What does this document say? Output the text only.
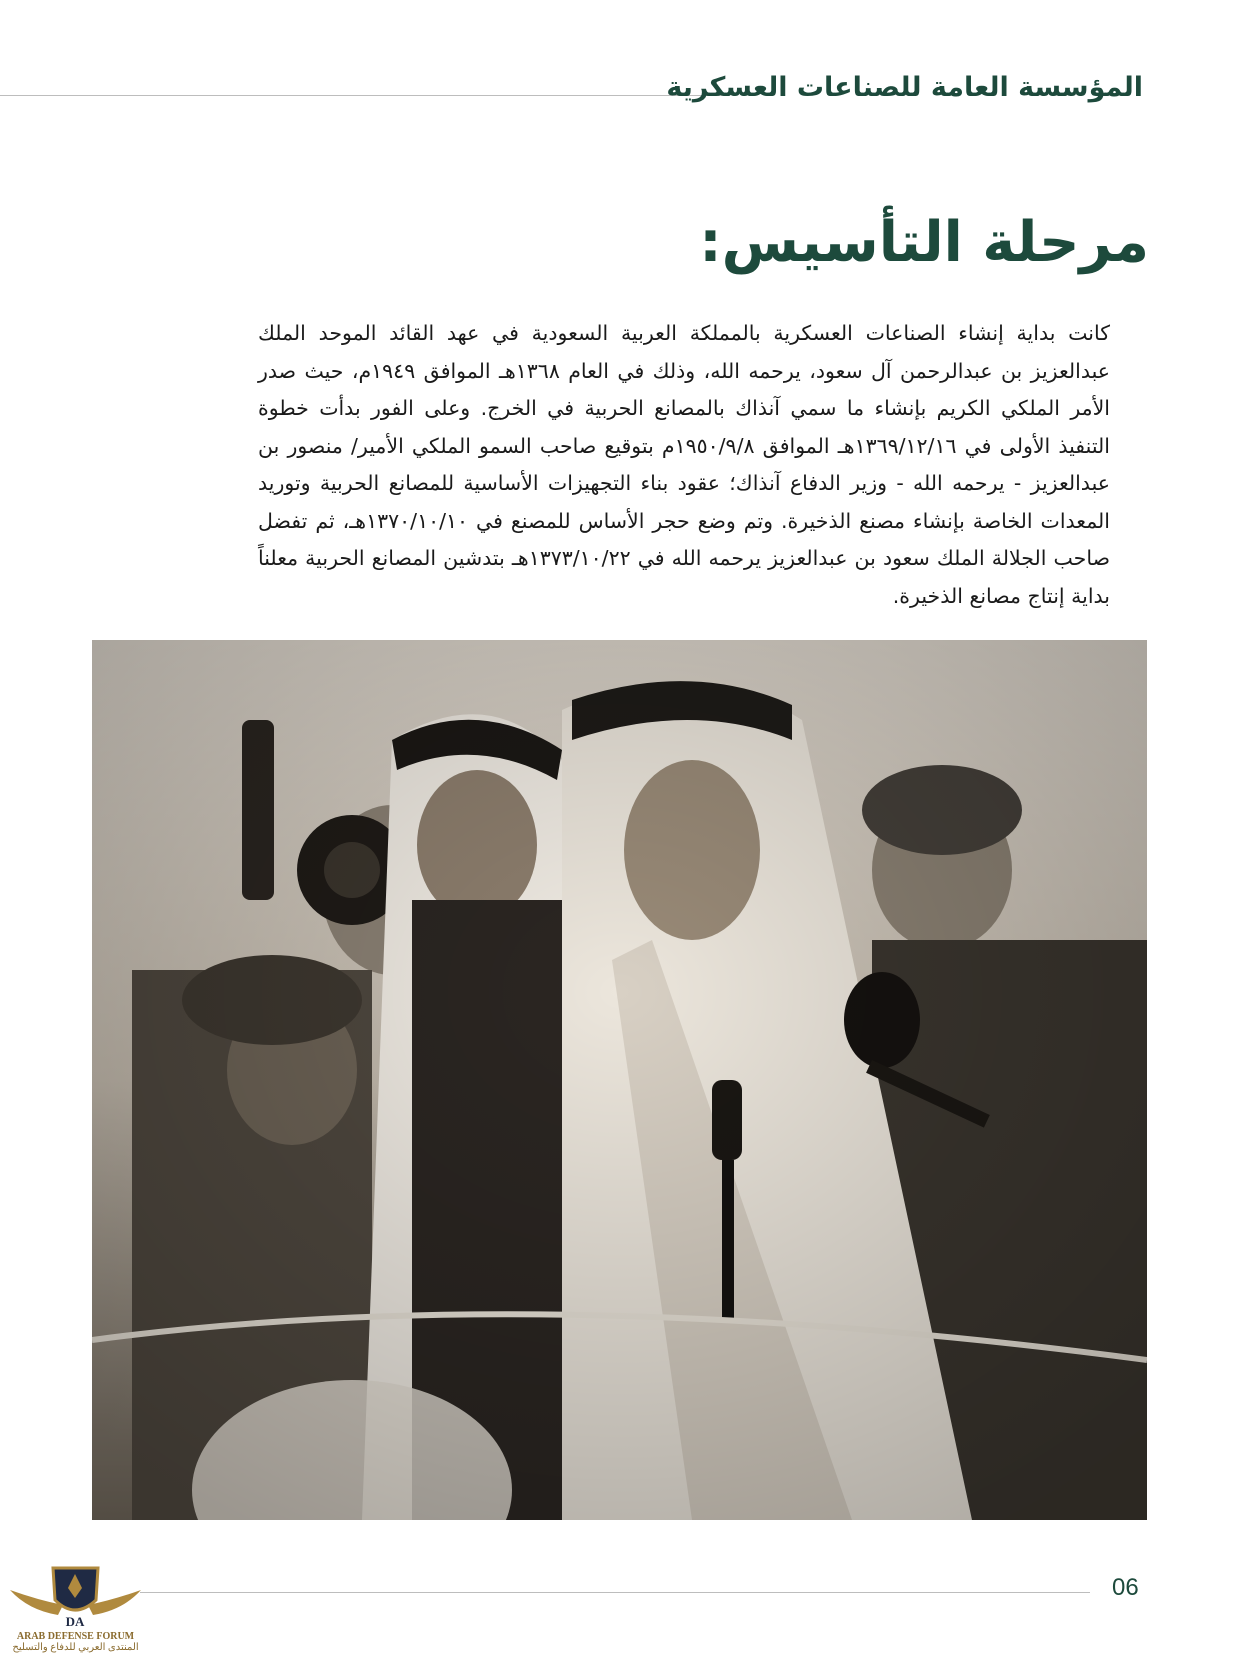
المؤسسة العامة للصناعات العسكرية
مرحلة التأسيس:

كانت بداية إنشاء الصناعات العسكرية بالمملكة العربية السعودية في عهد القائد الموحد الملك عبدالعزيز بن عبدالرحمن آل سعود، يرحمه الله، وذلك في العام ١٣٦٨هـ الموافق ١٩٤٩م، حيث صدر الأمر الملكي الكريم بإنشاء ما سمي آنذاك بالمصانع الحربية في الخرج. وعلى الفور بدأت خطوة التنفيذ الأولى في ١٣٦٩/١٢/١٦هـ الموافق ١٩٥٠/٩/٨م بتوقيع صاحب السمو الملكي الأمير/ منصور بن عبدالعزيز - يرحمه الله - وزير الدفاع آنذاك؛ عقود بناء التجهيزات الأساسية للمصانع الحربية وتوريد المعدات الخاصة بإنشاء مصنع الذخيرة. وتم وضع حجر الأساس للمصنع في ١٣٧٠/١٠/١٠هـ، ثم تفضل صاحب الجلالة الملك سعود بن عبدالعزيز يرحمه الله في ١٣٧٣/١٠/٢٢هـ بتدشين المصانع الحربية معلناً بداية إنتاج مصانع الذخيرة.

06
DA
ARAB DEFENSE FORUM
المنتدى العربي للدفاع والتسليح
